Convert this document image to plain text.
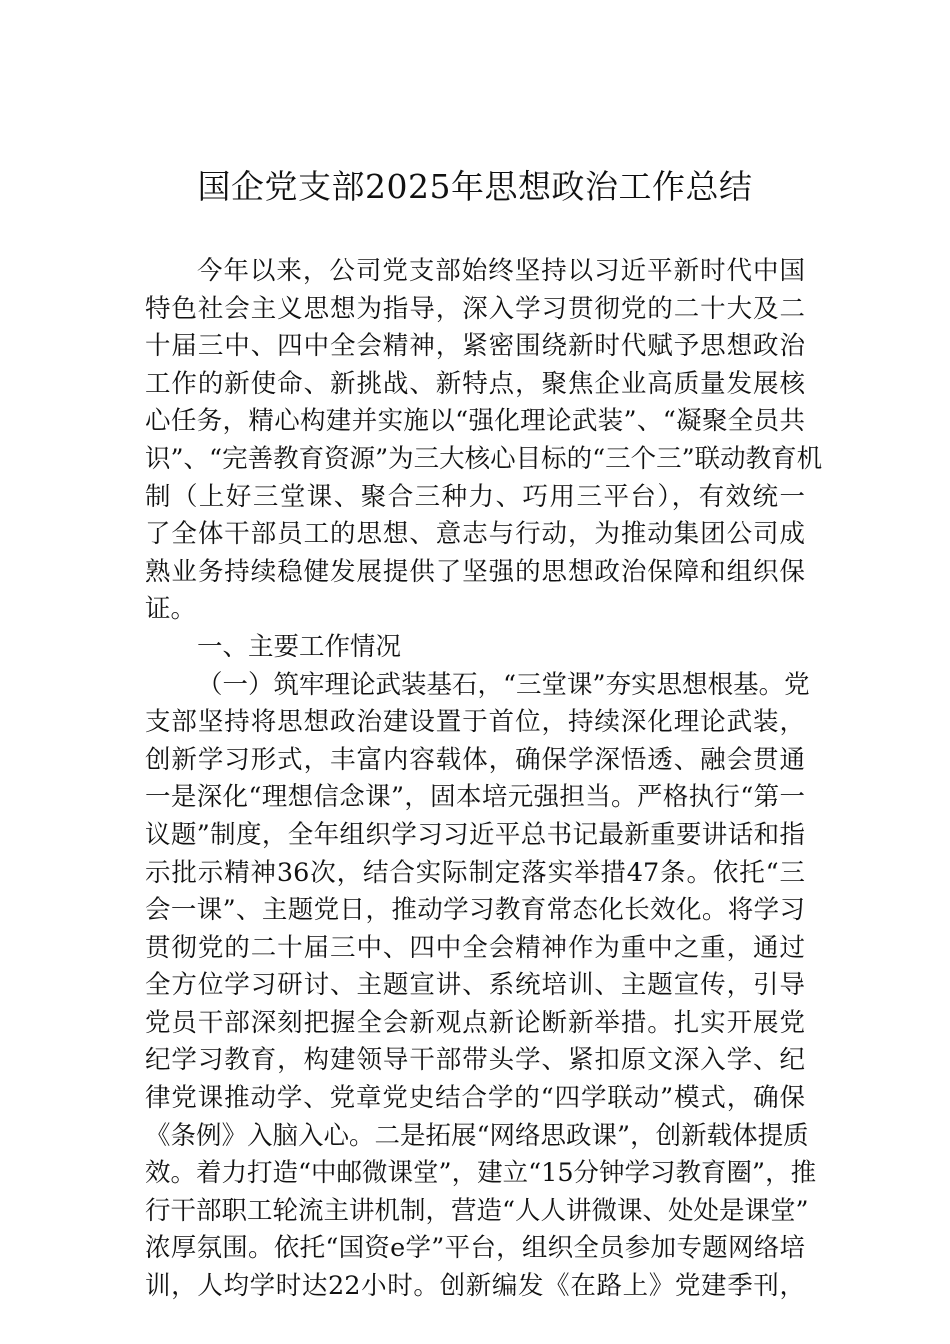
国企党支部2025年思想政治工作总结
今年以来，公司党支部始终坚持以习近平新时代中国
特色社会主义思想为指导，深入学习贯彻党的二十大及二
十届三中、四中全会精神，紧密围绕新时代赋予思想政治
工作的新使命、新挑战、新特点，聚焦企业高质量发展核
心任务，精心构建并实施以“强化理论武装”、“凝聚全员共
识”、“完善教育资源”为三大核心目标的“三个三”联动教育机
制（上好三堂课、聚合三种力、巧用三平台），有效统一
了全体干部员工的思想、意志与行动，为推动集团公司成
熟业务持续稳健发展提供了坚强的思想政治保障和组织保
证。
一、主要工作情况
（一）筑牢理论武装基石，“三堂课”夯实思想根基。党
支部坚持将思想政治建设置于首位，持续深化理论武装，
创新学习形式，丰富内容载体，确保学深悟透、融会贯通
一是深化“理想信念课”，固本培元强担当。严格执行“第一
议题”制度，全年组织学习习近平总书记最新重要讲话和指
示批示精神36次，结合实际制定落实举措47条。依托“三
会一课”、主题党日，推动学习教育常态化长效化。将学习
贯彻党的二十届三中、四中全会精神作为重中之重，通过
全方位学习研讨、主题宣讲、系统培训、主题宣传，引导
党员干部深刻把握全会新观点新论断新举措。扎实开展党
纪学习教育，构建领导干部带头学、紧扣原文深入学、纪
律党课推动学、党章党史结合学的“四学联动”模式，确保
《条例》入脑入心。二是拓展“网络思政课”，创新载体提质
效。着力打造“中邮微课堂”，建立“15分钟学习教育圈”，推
行干部职工轮流主讲机制，营造“人人讲微课、处处是课堂”
浓厚氛围。依托“国资e学”平台，组织全员参加专题网络培
训，人均学时达22小时。创新编发《在路上》党建季刊，
